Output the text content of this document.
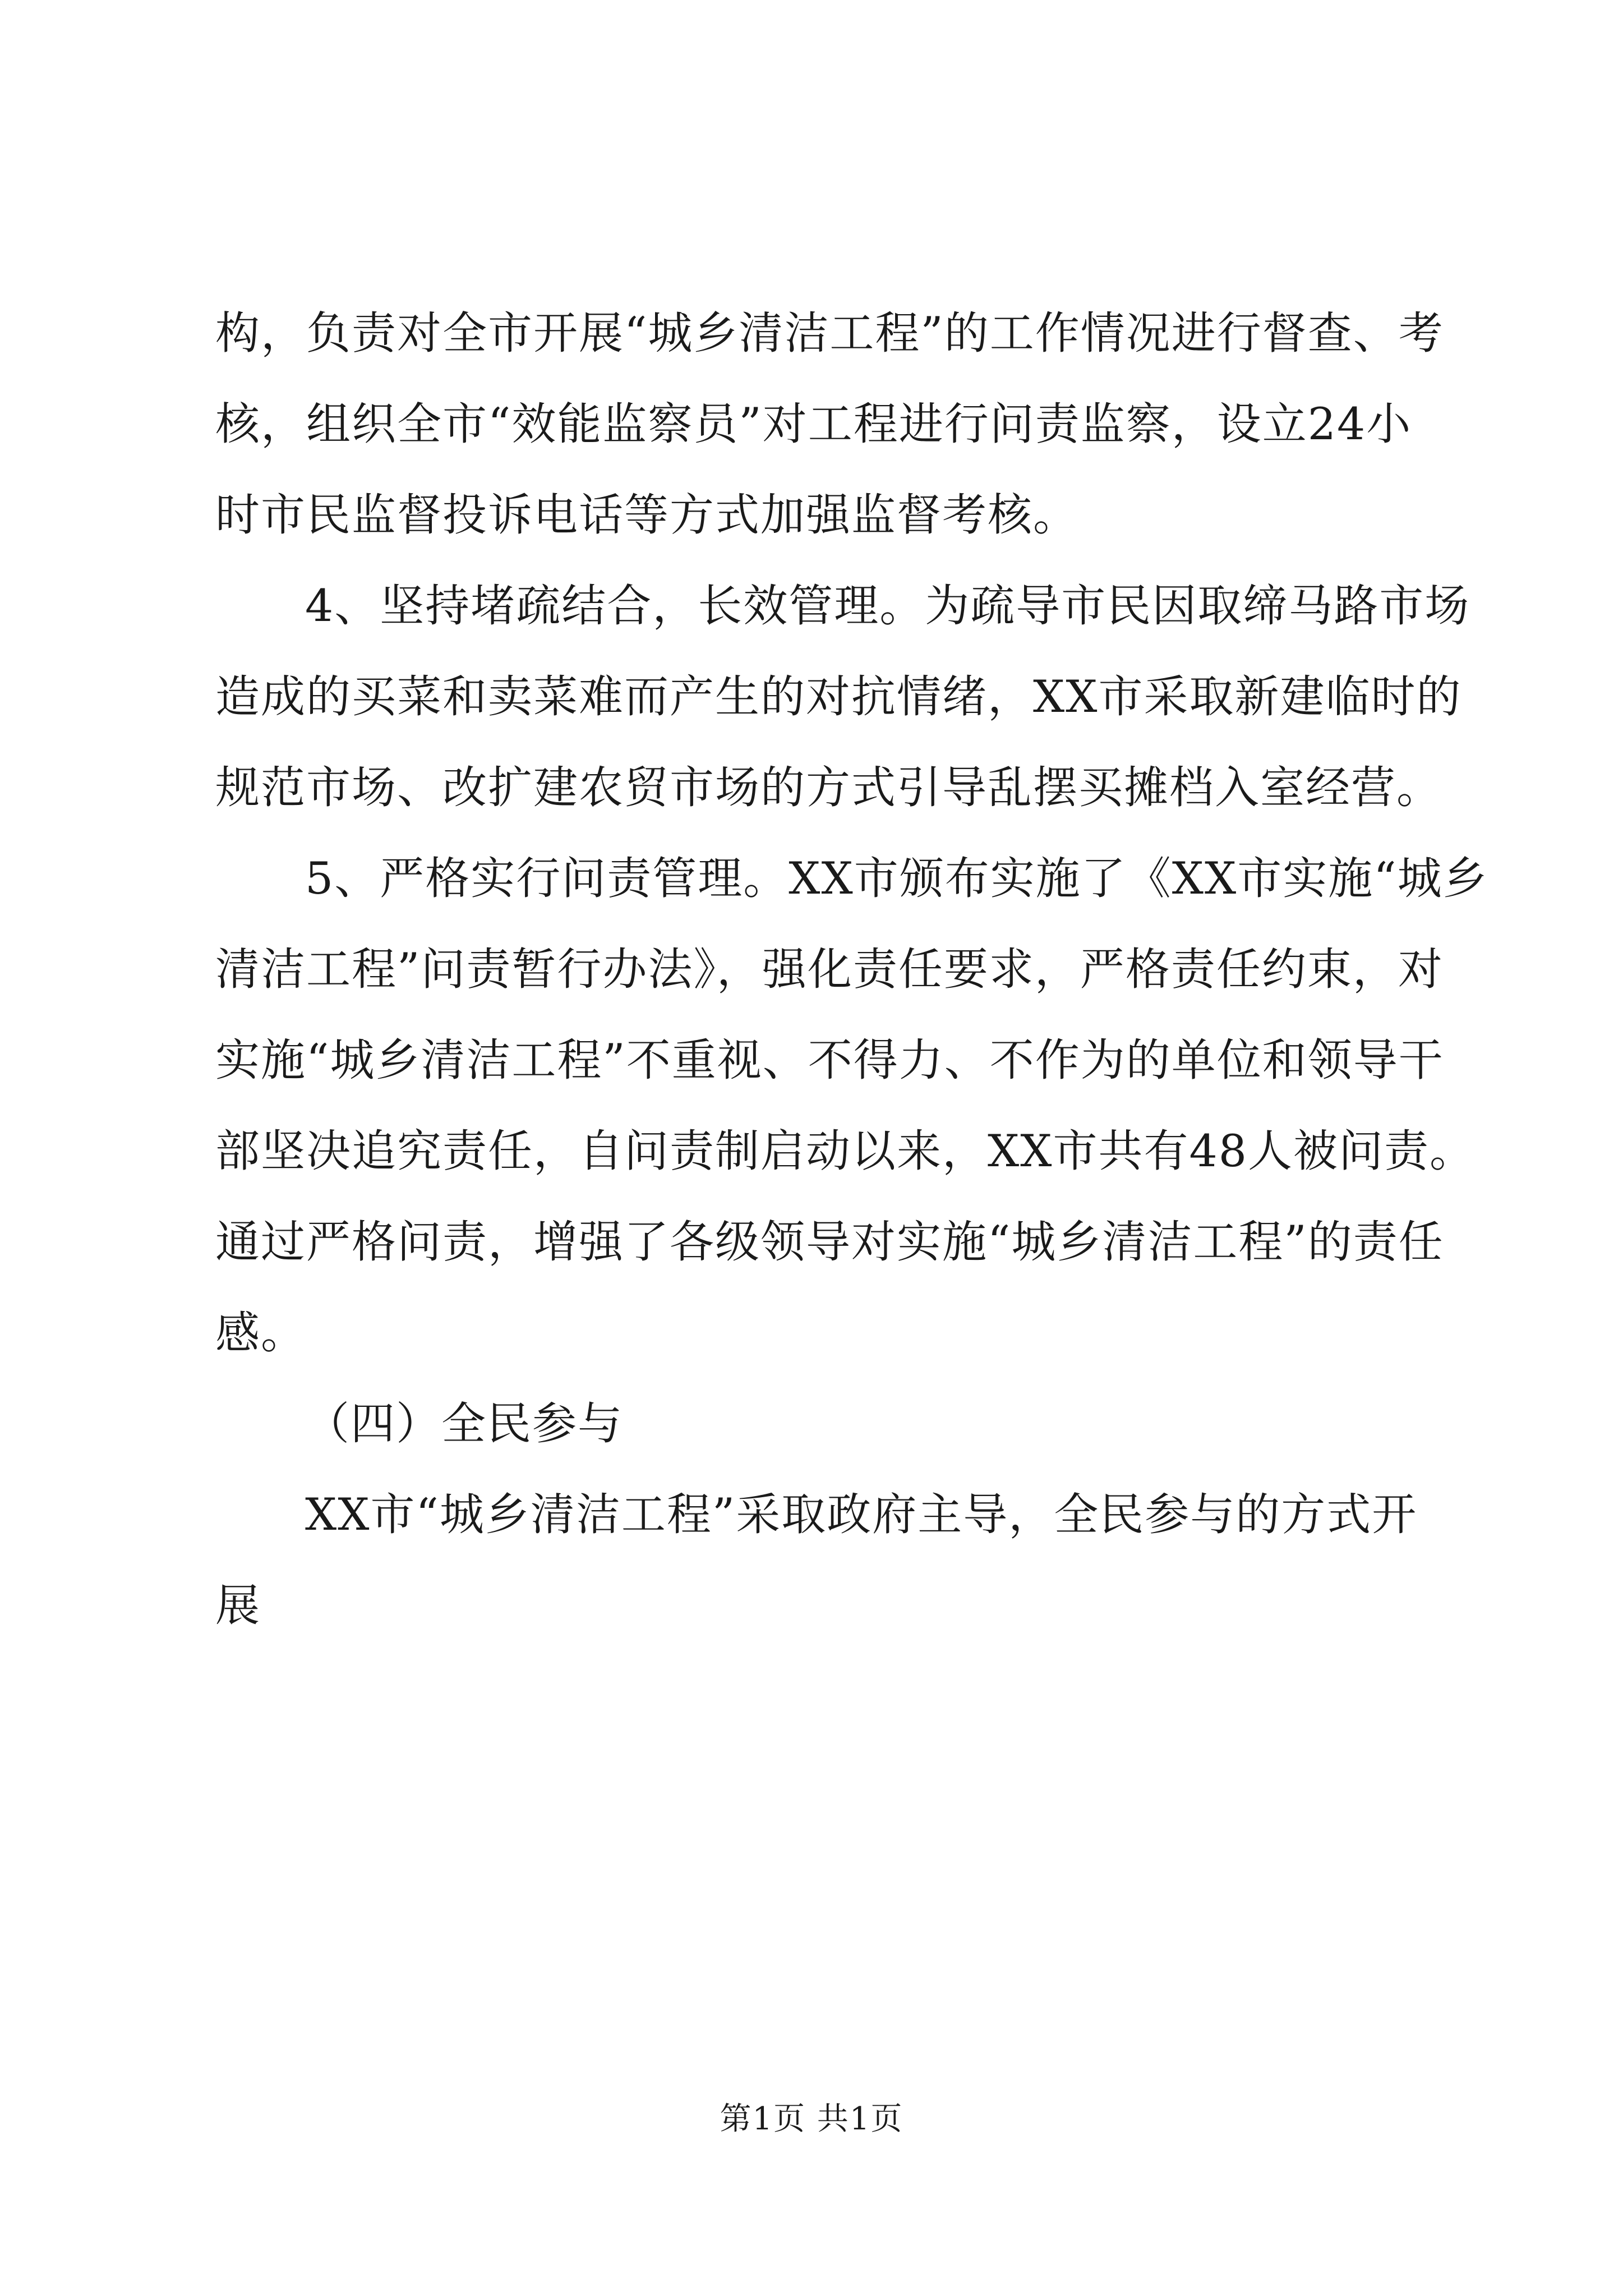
构，负责对全市开展“城乡清洁工程”的工作情况进行督查、考
核，组织全市“效能监察员”对工程进行问责监察，设立24小
时市民监督投诉电话等方式加强监督考核。
4、坚持堵疏结合，长效管理。为疏导市民因取缔马路市场
造成的买菜和卖菜难而产生的对抗情绪，XX市采取新建临时的
规范市场、改扩建农贸市场的方式引导乱摆买摊档入室经营。
5、严格实行问责管理。XX市颁布实施了《XX市实施“城乡
清洁工程”问责暂行办法》，强化责任要求，严格责任约束，对
实施“城乡清洁工程”不重视、不得力、不作为的单位和领导干
部坚决追究责任，自问责制启动以来，XX市共有48人被问责。
通过严格问责，增强了各级领导对实施“城乡清洁工程”的责任
感。
（四）全民参与
XX市“城乡清洁工程”采取政府主导，全民参与的方式开
展
第1页 共1页
